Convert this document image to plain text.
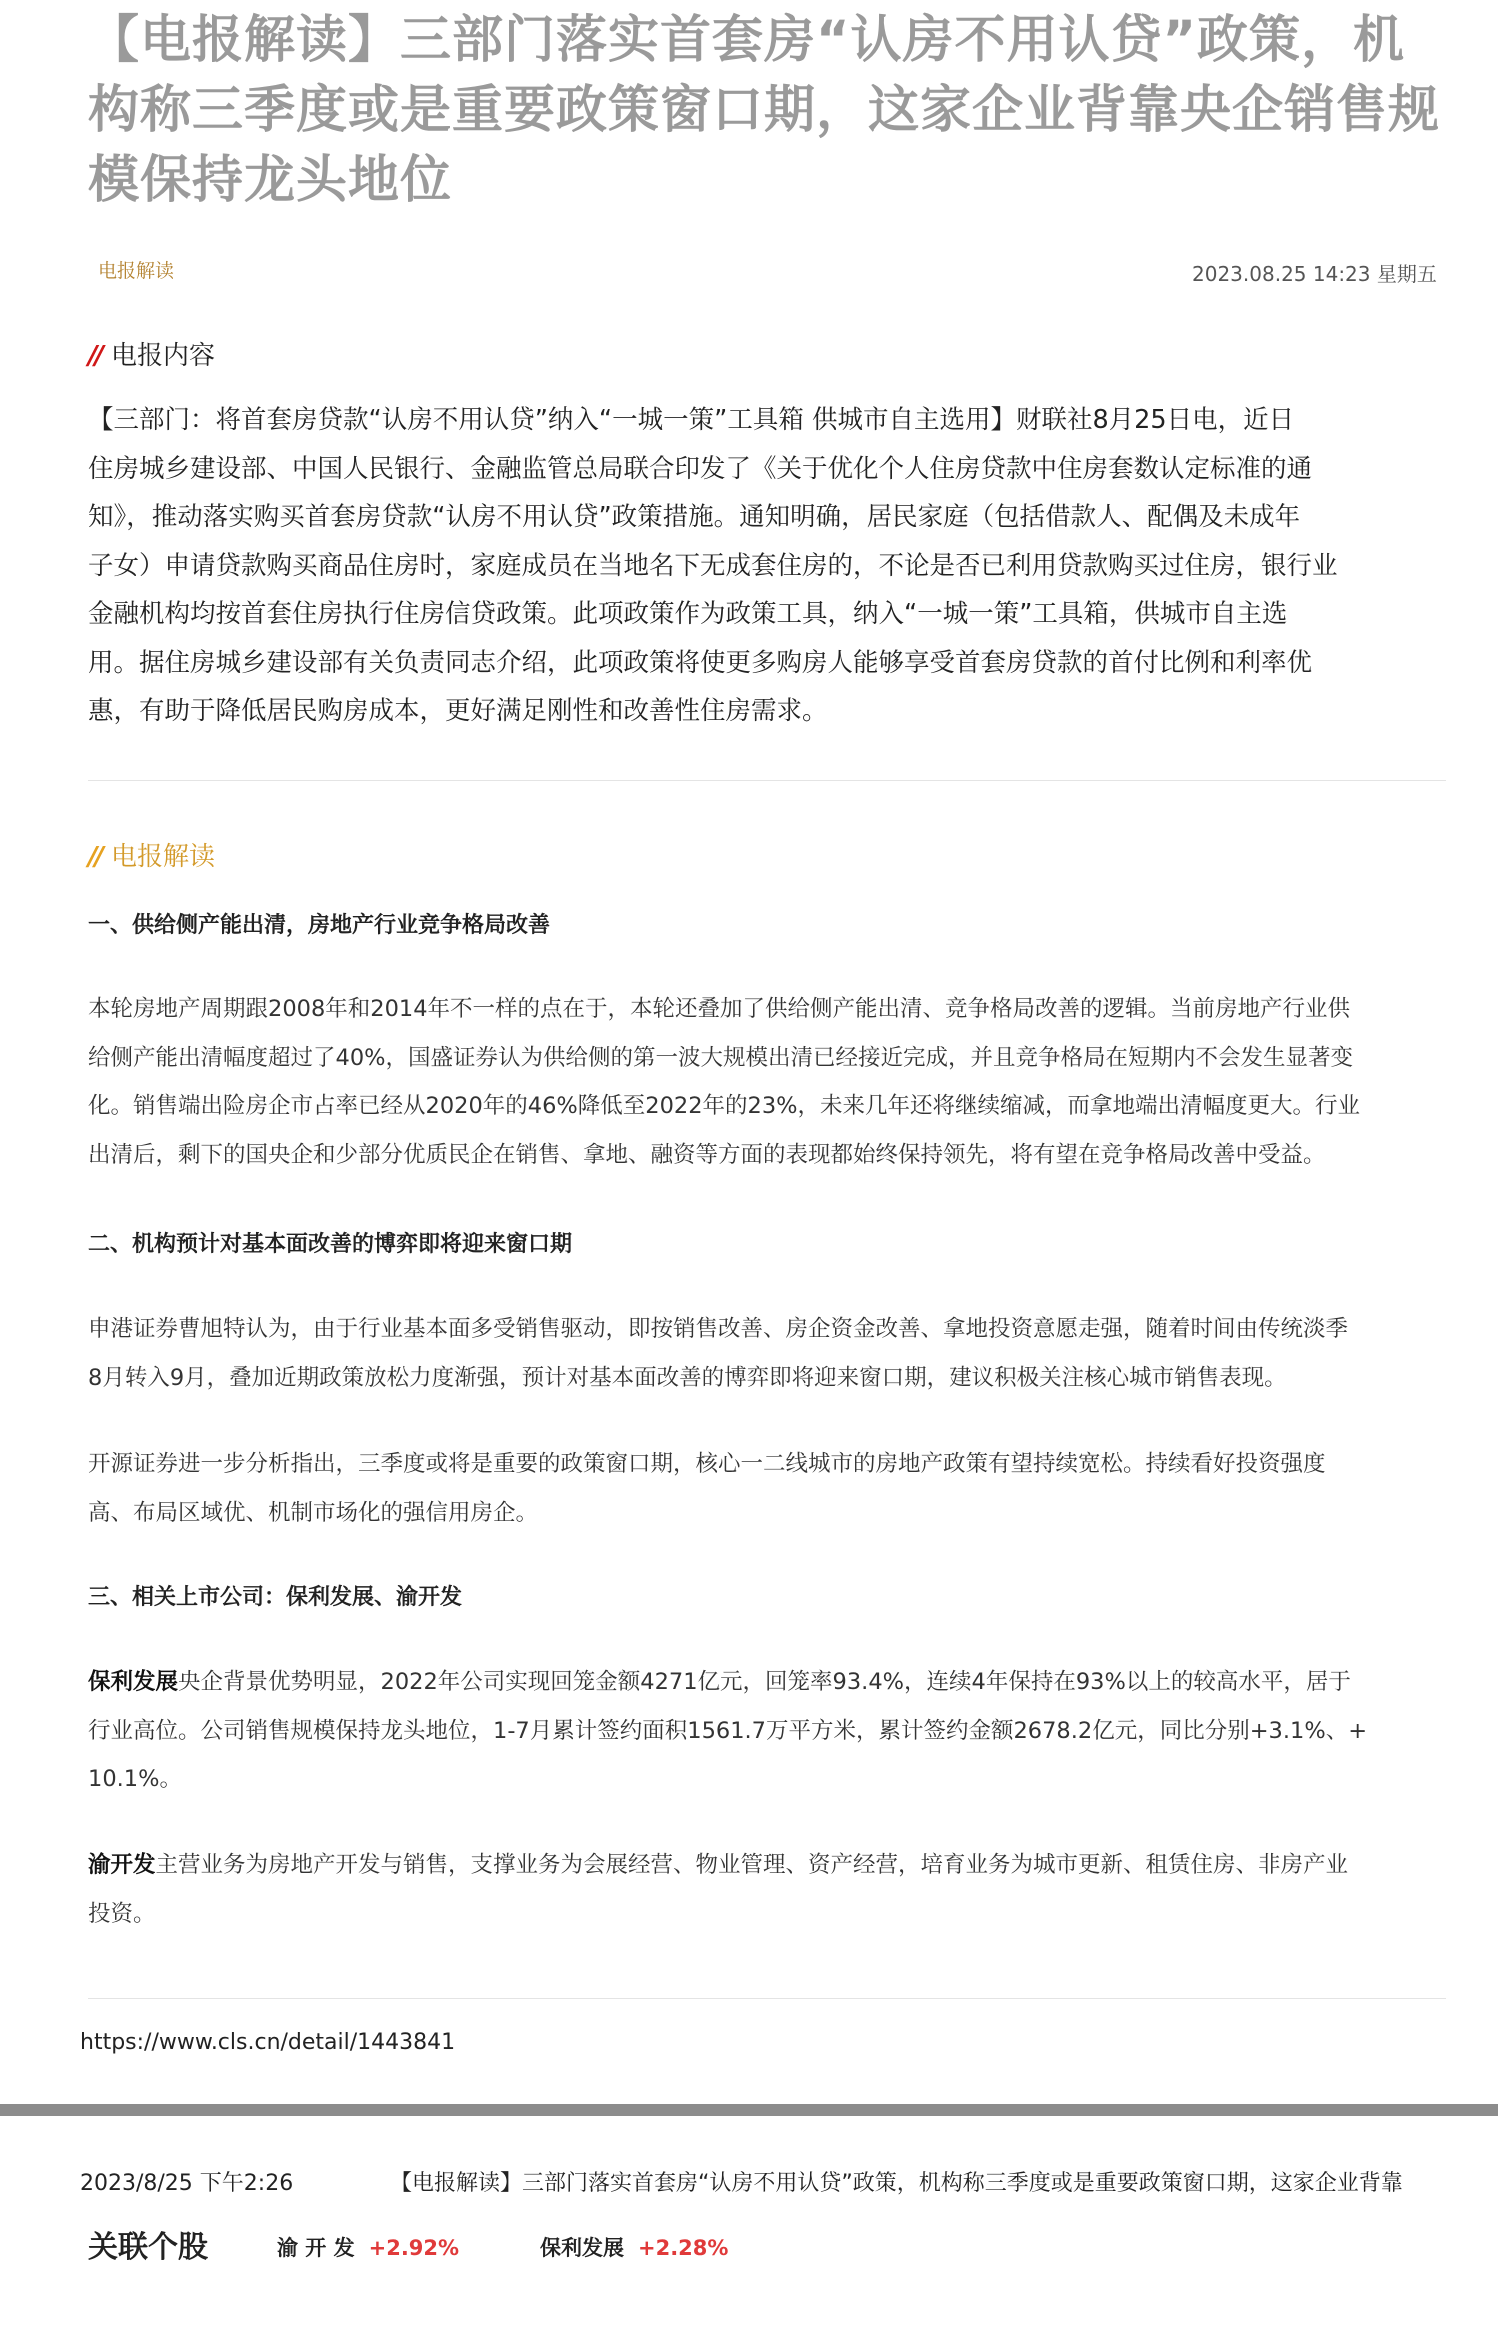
【电报解读】三部门落实首套房“认房不用认贷”政策，机
构称三季度或是重要政策窗口期，这家企业背靠央企销售规
模保持龙头地位
电报解读	2023.08.25 14:23 星期五
// 电报内容
【三部门：将首套房贷款“认房不用认贷”纳入“一城一策”工具箱 供城市自主选用】财联社8月25日电，近日
住房城乡建设部、中国人民银行、金融监管总局联合印发了《关于优化个人住房贷款中住房套数认定标准的通
知》，推动落实购买首套房贷款“认房不用认贷”政策措施。通知明确，居民家庭（包括借款人、配偶及未成年
子女）申请贷款购买商品住房时，家庭成员在当地名下无成套住房的，不论是否已利用贷款购买过住房，银行业
金融机构均按首套住房执行住房信贷政策。此项政策作为政策工具，纳入“一城一策”工具箱，供城市自主选
用。据住房城乡建设部有关负责同志介绍，此项政策将使更多购房人能够享受首套房贷款的首付比例和利率优
惠，有助于降低居民购房成本，更好满足刚性和改善性住房需求。
// 电报解读
一、供给侧产能出清，房地产行业竞争格局改善
本轮房地产周期跟2008年和2014年不一样的点在于，本轮还叠加了供给侧产能出清、竞争格局改善的逻辑。当前房地产行业供
给侧产能出清幅度超过了40%，国盛证券认为供给侧的第一波大规模出清已经接近完成，并且竞争格局在短期内不会发生显著变
化。销售端出险房企市占率已经从2020年的46%降低至2022年的23%，未来几年还将继续缩减，而拿地端出清幅度更大。行业
出清后，剩下的国央企和少部分优质民企在销售、拿地、融资等方面的表现都始终保持领先，将有望在竞争格局改善中受益。
二、机构预计对基本面改善的博弈即将迎来窗口期
申港证券曹旭特认为，由于行业基本面多受销售驱动，即按销售改善、房企资金改善、拿地投资意愿走强，随着时间由传统淡季
8月转入9月，叠加近期政策放松力度渐强，预计对基本面改善的博弈即将迎来窗口期，建议积极关注核心城市销售表现。
开源证券进一步分析指出，三季度或将是重要的政策窗口期，核心一二线城市的房地产政策有望持续宽松。持续看好投资强度
高、布局区域优、机制市场化的强信用房企。
三、相关上市公司：保利发展、渝开发
保利发展央企背景优势明显，2022年公司实现回笼金额4271亿元，回笼率93.4%，连续4年保持在93%以上的较高水平，居于
行业高位。公司销售规模保持龙头地位，1-7月累计签约面积1561.7万平方米，累计签约金额2678.2亿元，同比分别+3.1%、+
10.1%。
渝开发主营业务为房地产开发与销售，支撑业务为会展经营、物业管理、资产经营，培育业务为城市更新、租赁住房、非房产业
投资。
https://www.cls.cn/detail/1443841
2023/8/25 下午2:26	【电报解读】三部门落实首套房“认房不用认贷”政策，机构称三季度或是重要政策窗口期，这家企业背靠
关联个股	渝 开 发 +2.92%	保利发展 +2.28%
